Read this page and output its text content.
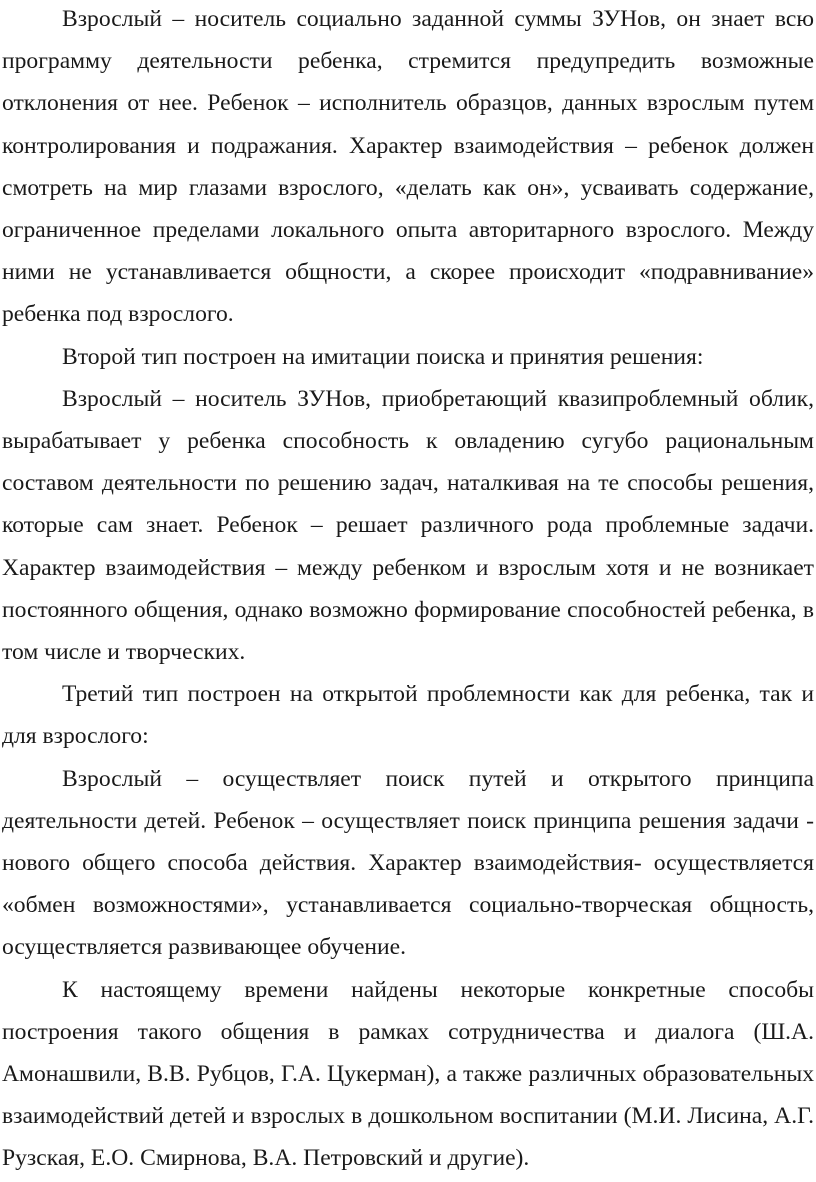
Взрослый – носитель социально заданной суммы ЗУНов, он знает всю программу деятельности ребенка, стремится предупредить возможные отклонения от нее. Ребенок – исполнитель образцов, данных взрослым путем контролирования и подражания. Характер взаимодействия – ребенок должен смотреть на мир глазами взрослого, «делать как он», усваивать содержание, ограниченное пределами локального опыта авторитарного взрослого. Между ними не устанавливается общности, а скорее происходит «подравнивание» ребенка под взрослого.

Второй тип построен на имитации поиска и принятия решения:

Взрослый – носитель ЗУНов, приобретающий квазипроблемный облик, вырабатывает у ребенка способность к овладению сугубо рациональным составом деятельности по решению задач, наталкивая на те способы решения, которые сам знает. Ребенок – решает различного рода проблемные задачи. Характер взаимодействия – между ребенком и взрослым хотя и не возникает постоянного общения, однако возможно формирование способностей ребенка, в том числе и творческих.

Третий тип построен на открытой проблемности как для ребенка, так и для взрослого:

Взрослый – осуществляет поиск путей и открытого принципа деятельности детей. Ребенок – осуществляет поиск принципа решения задачи - нового общего способа действия. Характер взаимодействия- осуществляется «обмен возможностями», устанавливается социально-творческая общность, осуществляется развивающее обучение.

К настоящему времени найдены некоторые конкретные способы построения такого общения в рамках сотрудничества и диалога (Ш.А. Амонашвили, В.В. Рубцов, Г.А. Цукерман), а также различных образовательных взаимодействий детей и взрослых в дошкольном воспитании (М.И. Лисина, А.Г. Рузская, Е.О. Смирнова, В.А. Петровский и другие).
